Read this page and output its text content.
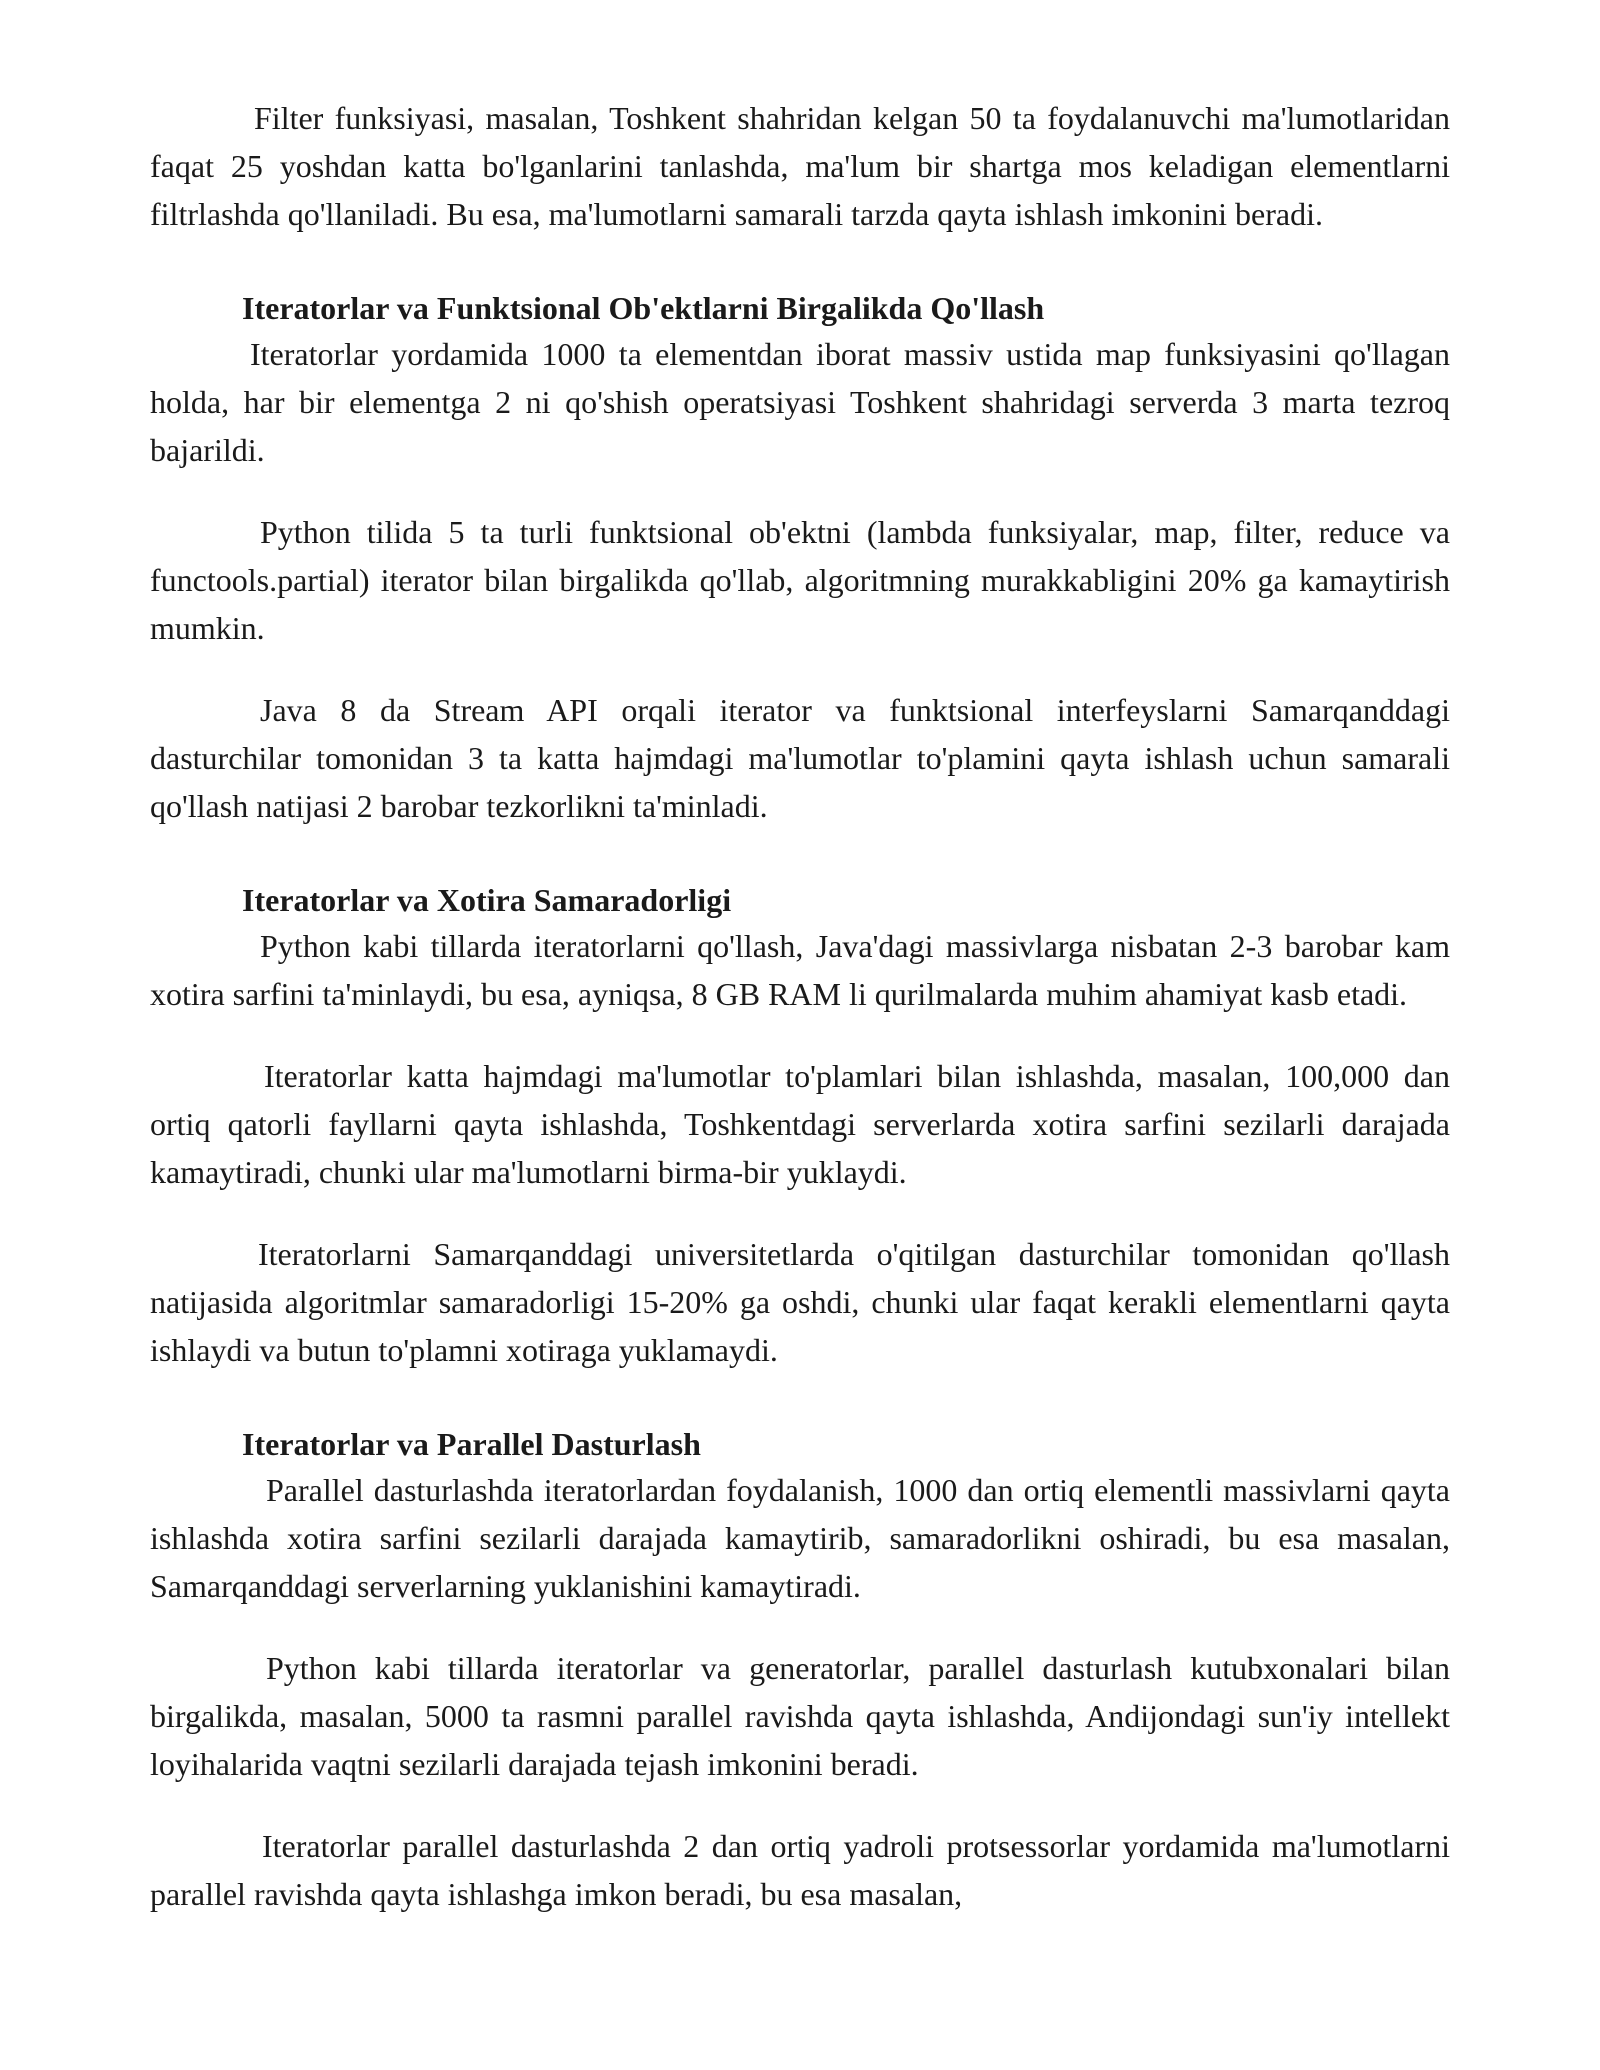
Filter funksiyasi, masalan, Toshkent shahridan kelgan 50 ta foydalanuvchi ma'lumotlaridan faqat 25 yoshdan katta bo'lganlarini tanlashda, ma'lum bir shartga mos keladigan elementlarni filtrlashda qo'llaniladi. Bu esa, ma'lumotlarni samarali tarzda qayta ishlash imkonini beradi.

Iteratorlar va Funktsional Ob'ektlarni Birgalikda Qo'llash

Iteratorlar yordamida 1000 ta elementdan iborat massiv ustida map funksiyasini qo'llagan holda, har bir elementga 2 ni qo'shish operatsiyasi Toshkent shahridagi serverda 3 marta tezroq bajarildi.

Python tilida 5 ta turli funktsional ob'ektni (lambda funksiyalar, map, filter, reduce va functools.partial) iterator bilan birgalikda qo'llab, algoritmning murakkabligini 20% ga kamaytirish mumkin.

Java 8 da Stream API orqali iterator va funktsional interfeyslarni Samarqanddagi dasturchilar tomonidan 3 ta katta hajmdagi ma'lumotlar to'plamini qayta ishlash uchun samarali qo'llash natijasi 2 barobar tezkorlikni ta'minladi.

Iteratorlar va Xotira Samaradorligi

Python kabi tillarda iteratorlarni qo'llash, Java'dagi massivlarga nisbatan 2-3 barobar kam xotira sarfini ta'minlaydi, bu esa, ayniqsa, 8 GB RAM li qurilmalarda muhim ahamiyat kasb etadi.

Iteratorlar katta hajmdagi ma'lumotlar to'plamlari bilan ishlashda, masalan, 100,000 dan ortiq qatorli fayllarni qayta ishlashda, Toshkentdagi serverlarda xotira sarfini sezilarli darajada kamaytiradi, chunki ular ma'lumotlarni birma-bir yuklaydi.

Iteratorlarni Samarqanddagi universitetlarda o'qitilgan dasturchilar tomonidan qo'llash natijasida algoritmlar samaradorligi 15-20% ga oshdi, chunki ular faqat kerakli elementlarni qayta ishlaydi va butun to'plamni xotiraga yuklamaydi.

Iteratorlar va Parallel Dasturlash

Parallel dasturlashda iteratorlardan foydalanish, 1000 dan ortiq elementli massivlarni qayta ishlashda xotira sarfini sezilarli darajada kamaytirib, samaradorlikni oshiradi, bu esa masalan, Samarqanddagi serverlarning yuklanishini kamaytiradi.

Python kabi tillarda iteratorlar va generatorlar, parallel dasturlash kutubxonalari bilan birgalikda, masalan, 5000 ta rasmni parallel ravishda qayta ishlashda, Andijondagi sun'iy intellekt loyihalarida vaqtni sezilarli darajada tejash imkonini beradi.

Iteratorlar parallel dasturlashda 2 dan ortiq yadroli protsessorlar yordamida ma'lumotlarni parallel ravishda qayta ishlashga imkon beradi, bu esa masalan,
